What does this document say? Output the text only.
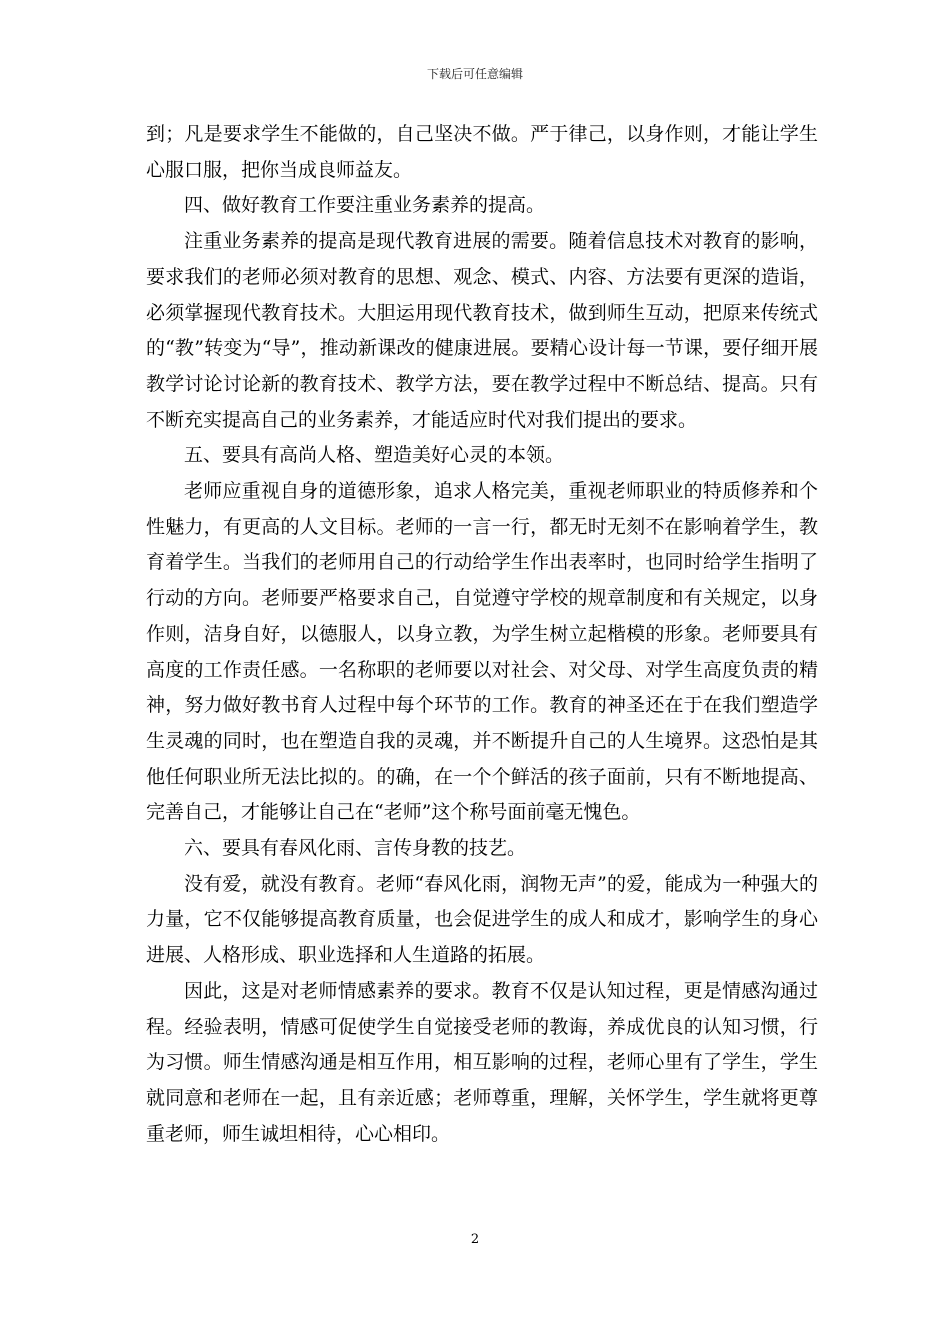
下载后可任意编辑

到；凡是要求学生不能做的，自己坚决不做。严于律己，以身作则，才能让学生心服口服，把你当成良师益友。

四、做好教育工作要注重业务素养的提高。

注重业务素养的提高是现代教育进展的需要。随着信息技术对教育的影响，要求我们的老师必须对教育的思想、观念、模式、内容、方法要有更深的造诣，必须掌握现代教育技术。大胆运用现代教育技术，做到师生互动，把原来传统式的“教”转变为“导”，推动新课改的健康进展。要精心设计每一节课，要仔细开展教学讨论讨论新的教育技术、教学方法，要在教学过程中不断总结、提高。只有不断充实提高自己的业务素养，才能适应时代对我们提出的要求。

五、要具有高尚人格、塑造美好心灵的本领。

老师应重视自身的道德形象，追求人格完美，重视老师职业的特质修养和个性魅力，有更高的人文目标。老师的一言一行，都无时无刻不在影响着学生，教育着学生。当我们的老师用自己的行动给学生作出表率时，也同时给学生指明了行动的方向。老师要严格要求自己，自觉遵守学校的规章制度和有关规定，以身作则，洁身自好，以德服人，以身立教，为学生树立起楷模的形象。老师要具有高度的工作责任感。一名称职的老师要以对社会、对父母、对学生高度负责的精神，努力做好教书育人过程中每个环节的工作。教育的神圣还在于在我们塑造学生灵魂的同时，也在塑造自我的灵魂，并不断提升自己的人生境界。这恐怕是其他任何职业所无法比拟的。的确，在一个个鲜活的孩子面前，只有不断地提高、完善自己，才能够让自己在“老师”这个称号面前毫无愧色。

六、要具有春风化雨、言传身教的技艺。

没有爱，就没有教育。老师“春风化雨，润物无声”的爱，能成为一种强大的力量，它不仅能够提高教育质量，也会促进学生的成人和成才，影响学生的身心进展、人格形成、职业选择和人生道路的拓展。

因此，这是对老师情感素养的要求。教育不仅是认知过程，更是情感沟通过程。经验表明，情感可促使学生自觉接受老师的教诲，养成优良的认知习惯，行为习惯。师生情感沟通是相互作用，相互影响的过程，老师心里有了学生，学生就同意和老师在一起，且有亲近感；老师尊重，理解，关怀学生，学生就将更尊重老师，师生诚坦相待，心心相印。

2
